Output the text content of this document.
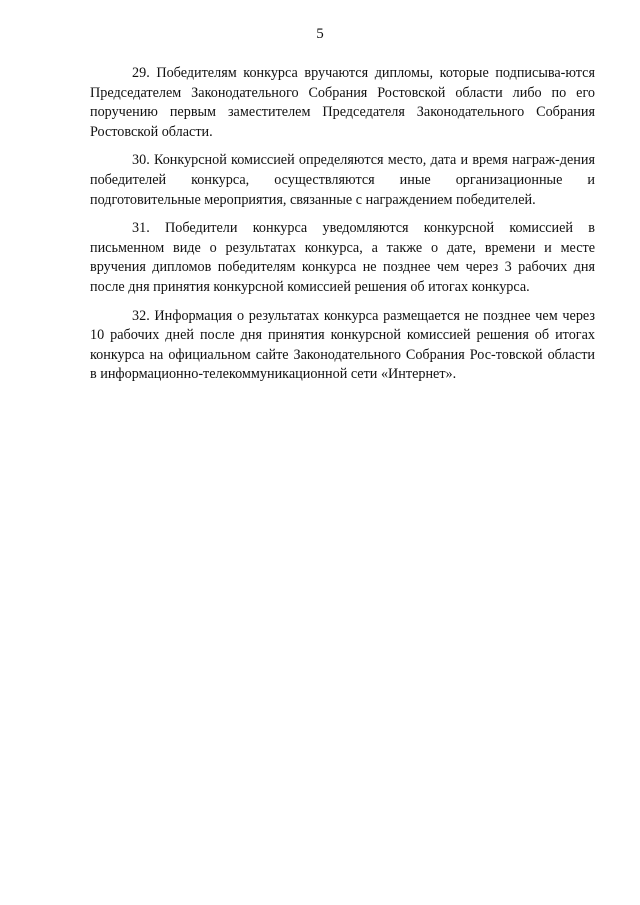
5

29. Победителям конкурса вручаются дипломы, которые подписыва-ются Председателем Законодательного Собрания Ростовской области либо по его поручению первым заместителем Председателя Законодательного Собрания Ростовской области.

30. Конкурсной комиссией определяются место, дата и время награж-дения победителей конкурса, осуществляются иные организационные и подготовительные мероприятия, связанные с награждением победителей.

31. Победители конкурса уведомляются конкурсной комиссией в письменном виде о результатах конкурса, а также о дате, времени и месте вручения дипломов победителям конкурса не позднее чем через 3 рабочих дня после дня принятия конкурсной комиссией решения об итогах конкурса.

32. Информация о результатах конкурса размещается не позднее чем через 10 рабочих дней после дня принятия конкурсной комиссией решения об итогах конкурса на официальном сайте Законодательного Собрания Рос-товской области в информационно-телекоммуникационной сети «Интернет».
